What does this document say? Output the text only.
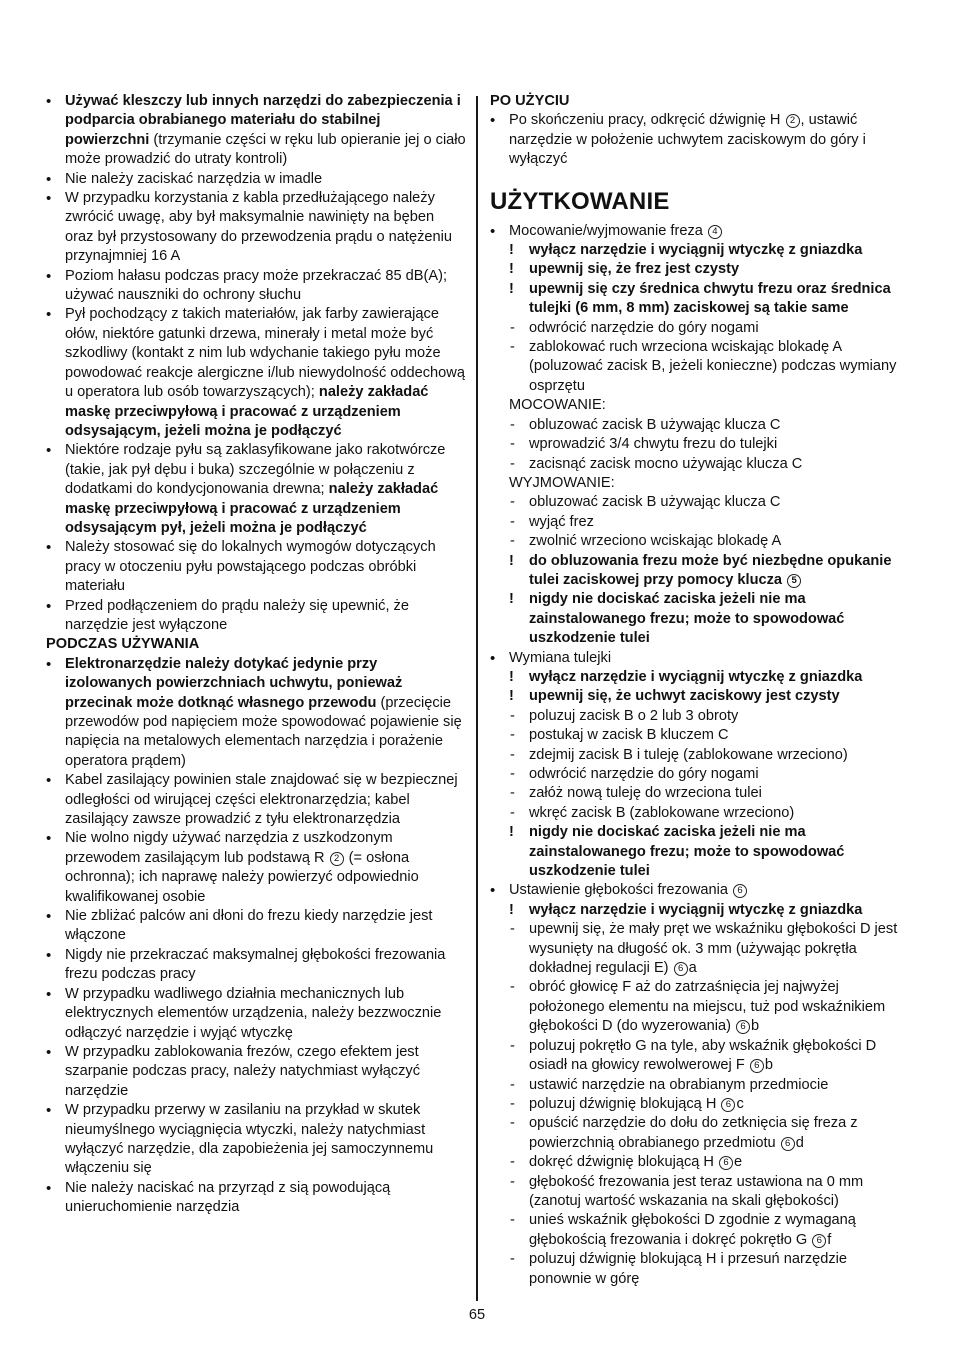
• Używać kleszczy lub innych narzędzi do zabezpieczenia i podparcia obrabianego materiału do stabilnej powierzchni (trzymanie części w ręku lub opieranie jej o ciało może prowadzić do utraty kontroli)
• Nie należy zaciskać narzędzia w imadle
• W przypadku korzystania z kabla przedłużającego należy zwrócić uwagę, aby był maksymalnie nawinięty na bęben oraz był przystosowany do przewodzenia prądu o natężeniu przynajmniej 16 A
• Poziom hałasu podczas pracy może przekraczać 85 dB(A); używać nauszniki do ochrony słuchu
• Pył pochodzący z takich materiałów, jak farby zawierające ołów, niektóre gatunki drzewa, minerały i metal może być szkodliwy (kontakt z nim lub wdychanie takiego pyłu może powodować reakcje alergiczne i/lub niewydolność oddechową u operatora lub osób towarzyszących); należy zakładać maskę przeciwpyłową i pracować z urządzeniem odsysającym, jeżeli można je podłączyć
• Niektóre rodzaje pyłu są zaklasyfikowane jako rakotwórcze (takie, jak pył dębu i buka) szczególnie w połączeniu z dodatkami do kondycjonowania drewna; należy zakładać maskę przeciwpyłową i pracować z urządzeniem odsysającym pył, jeżeli można je podłączyć
• Należy stosować się do lokalnych wymogów dotyczących pracy w otoczeniu pyłu powstającego podczas obróbki materiału
• Przed podłączeniem do prądu należy się upewnić, że narzędzie jest wyłączone
PODCZAS UŻYWANIA
• Elektronarzędzie należy dotykać jedynie przy izolowanych powierzchniach uchwytu, ponieważ przecinak może dotknąć własnego przewodu (przecięcie przewodów pod napięciem może spowodować pojawienie się napięcia na metalowych elementach narzędzia i porażenie operatora prądem)
• Kabel zasilający powinien stale znajdować się w bezpiecznej odległości od wirującej części elektronarzędzia; kabel zasilający zawsze prowadzić z tyłu elektronarzędzia
• Nie wolno nigdy używać narzędzia z uszkodzonym przewodem zasilającym lub podstawą R 2 (= osłona ochronna); ich naprawę należy powierzyć odpowiednio kwalifikowanej osobie
• Nie zbliżać palców ani dłoni do frezu kiedy narzędzie jest włączone
• Nigdy nie przekraczać maksymalnej głębokości frezowania frezu podczas pracy
• W przypadku wadliwego działnia mechanicznych lub elektrycznych elementów urządzenia, należy bezzwocznie odłączyć narzędzie i wyjąć wtyczkę
• W przypadku zablokowania frezów, czego efektem jest szarpanie podczas pracy, należy natychmiast wyłączyć narzędzie
• W przypadku przerwy w zasilaniu na przykład w skutek nieumyślnego wyciągnięcia wtyczki, należy natychmiast wyłączyć narzędzie, dla zapobieżenia jej samoczynnemu włączeniu się
• Nie należy naciskać na przyrząd z sią powodującą unieruchomienie narzędzia
PO UŻYCIU
• Po skończeniu pracy, odkręcić dźwignię H 2 , ustawić narzędzie w położenie uchwytem zaciskowym do góry i wyłączyć
UŻYTKOWANIE
• Mocowanie/wyjmowanie freza 4
! wyłącz narzędzie i wyciągnij wtyczkę z gniazdka
! upewnij się, że frez jest czysty
! upewnij się czy średnica chwytu frezu oraz średnica tulejki (6 mm, 8 mm) zaciskowej są takie same
- odwrócić narzędzie do góry nogami
- zablokować ruch wrzeciona wciskając blokadę A (poluzować zacisk B, jeżeli konieczne) podczas wymiany osprzętu
MOCOWANIE:
- obluzować zacisk B używając klucza C
- wprowadzić 3/4 chwytu frezu do tulejki
- zacisnąć zacisk mocno używając klucza C
WYJMOWANIE:
- obluzować zacisk B używając klucza C
- wyjąć frez
- zwolnić wrzeciono wciskając blokadę A
! do obluzowania frezu może być niezbędne opukanie tulei zaciskowej przy pomocy klucza 5
! nigdy nie dociskać zaciska jeżeli nie ma zainstalowanego frezu; może to spowodować uszkodzenie tulei
• Wymiana tulejki
! wyłącz narzędzie i wyciągnij wtyczkę z gniazdka
! upewnij się, że uchwyt zaciskowy jest czysty
- poluzuj zacisk B o 2 lub 3 obroty
- postukaj w zacisk B kluczem C
- zdejmij zacisk B i tuleję (zablokowane wrzeciono)
- odwrócić narzędzie do góry nogami
- załóż nową tuleję do wrzeciona tulei
- wkręć zacisk B (zablokowane wrzeciono)
! nigdy nie dociskać zaciska jeżeli nie ma zainstalowanego frezu; może to spowodować uszkodzenie tulei
• Ustawienie głębokości frezowania 6
! wyłącz narzędzie i wyciągnij wtyczkę z gniazdka
- upewnij się, że mały pręt we wskaźniku głębokości D jest wysunięty na długość ok. 3 mm (używając pokrętła dokładnej regulacji E) 6 a
- obróć głowicę F aż do zatrzaśnięcia jej najwyżej położonego elementu na miejscu, tuż pod wskaźnikiem głębokości D (do wyzerowania) 6 b
- poluzuj pokrętło G na tyle, aby wskaźnik głębokości D osiadł na głowicy rewolwerowej F 6 b
- ustawić narzędzie na obrabianym przedmiocie
- poluzuj dźwignię blokującą H 6 c
- opuścić narzędzie do dołu do zetknięcia się freza z powierzchnią obrabianego przedmiotu 6 d
- dokręć dźwignię blokującą H 6 e
- głębokość frezowania jest teraz ustawiona na 0 mm (zanotuj wartość wskazania na skali głębokości)
- unieś wskaźnik głębokości D zgodnie z wymaganą głębokością frezowania i dokręć pokrętło G 6 f
- poluzuj dźwignię blokującą H i przesuń narzędzie ponownie w górę
65
